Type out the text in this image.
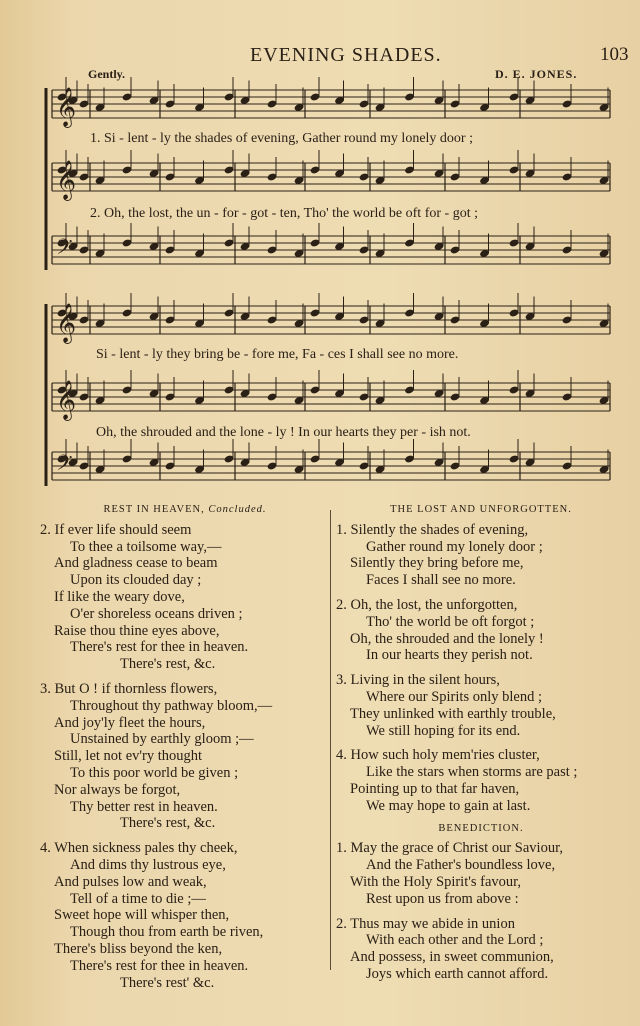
EVENING SHADES.	103
Gently.	D. E. JONES.
𝄞
𝄞
𝄞
𝄞
𝄢
𝄢
1. Si - lent - ly the shades of evening, Gather round my lonely door ;
2. Oh, the lost, the un - for - got - ten, Tho' the world be oft for - got ;
Si - lent - ly they bring be - fore me, Fa - ces I shall see no more.
Oh, the shrouded and the lone - ly ! In our hearts they per - ish not.
REST IN HEAVEN, Concluded.
2. If ever life should seem
To thee a toilsome way,—
And gladness cease to beam
Upon its clouded day ;
If like the weary dove,
O'er shoreless oceans driven ;
Raise thou thine eyes above,
There's rest for thee in heaven.
There's rest, &c.
3. But O ! if thornless flowers,
Throughout thy pathway bloom,—
And joy'ly fleet the hours,
Unstained by earthly gloom ;—
Still, let not ev'ry thought
To this poor world be given ;
Nor always be forgot,
Thy better rest in heaven.
There's rest, &c.
4. When sickness pales thy cheek,
And dims thy lustrous eye,
And pulses low and weak,
Tell of a time to die ;—
Sweet hope will whisper then,
Though thou from earth be riven,
There's bliss beyond the ken,
There's rest for thee in heaven.
There's rest' &c.
THE LOST AND UNFORGOTTEN.
1. Silently the shades of evening,
Gather round my lonely door ;
Silently they bring before me,
Faces I shall see no more.
2. Oh, the lost, the unforgotten,
Tho' the world be oft forgot ;
Oh, the shrouded and the lonely !
In our hearts they perish not.
3. Living in the silent hours,
Where our Spirits only blend ;
They unlinked with earthly trouble,
We still hoping for its end.
4. How such holy mem'ries cluster,
Like the stars when storms are past ;
Pointing up to that far haven,
We may hope to gain at last.
BENEDICTION.
1. May the grace of Christ our Saviour,
And the Father's boundless love,
With the Holy Spirit's favour,
Rest upon us from above :
2. Thus may we abide in union
With each other and the Lord ;
And possess, in sweet communion,
Joys which earth cannot afford.
